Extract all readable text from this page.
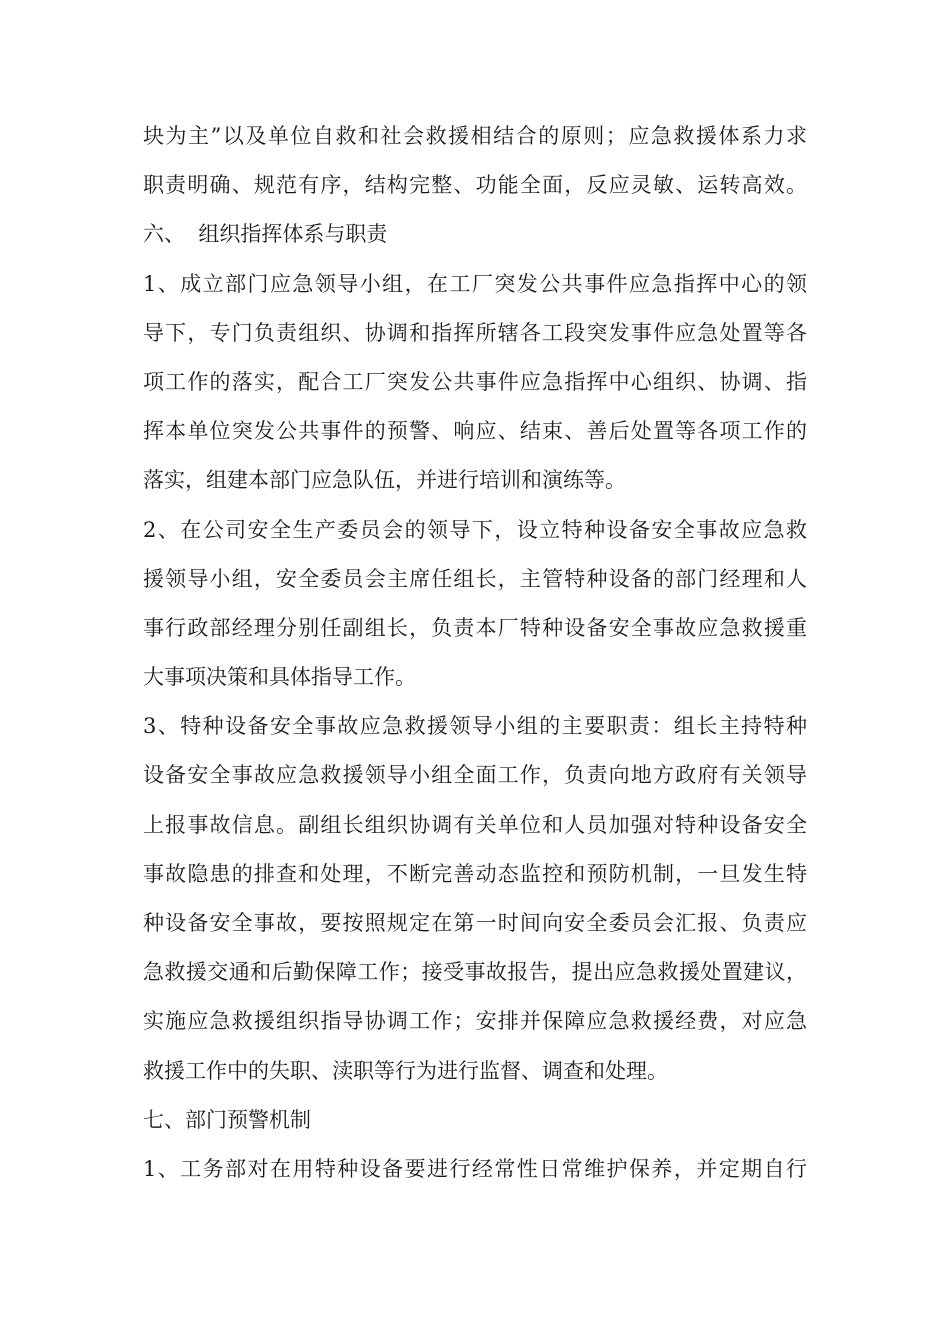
块为主”以及单位自救和社会救援相结合的原则；应急救援体系力求
职责明确、规范有序，结构完整、功能全面，反应灵敏、运转高效。
六、  组织指挥体系与职责
1、成立部门应急领导小组，在工厂突发公共事件应急指挥中心的领
导下，专门负责组织、协调和指挥所辖各工段突发事件应急处置等各
项工作的落实，配合工厂突发公共事件应急指挥中心组织、协调、指
挥本单位突发公共事件的预警、响应、结束、善后处置等各项工作的
落实，组建本部门应急队伍，并进行培训和演练等。
2、在公司安全生产委员会的领导下，设立特种设备安全事故应急救
援领导小组，安全委员会主席任组长，主管特种设备的部门经理和人
事行政部经理分别任副组长，负责本厂特种设备安全事故应急救援重
大事项决策和具体指导工作。
3、特种设备安全事故应急救援领导小组的主要职责：组长主持特种
设备安全事故应急救援领导小组全面工作，负责向地方政府有关领导
上报事故信息。副组长组织协调有关单位和人员加强对特种设备安全
事故隐患的排查和处理，不断完善动态监控和预防机制，一旦发生特
种设备安全事故，要按照规定在第一时间向安全委员会汇报、负责应
急救援交通和后勤保障工作；接受事故报告，提出应急救援处置建议，
实施应急救援组织指导协调工作；安排并保障应急救援经费，对应急
救援工作中的失职、渎职等行为进行监督、调查和处理。
七、部门预警机制
1、工务部对在用特种设备要进行经常性日常维护保养，并定期自行
